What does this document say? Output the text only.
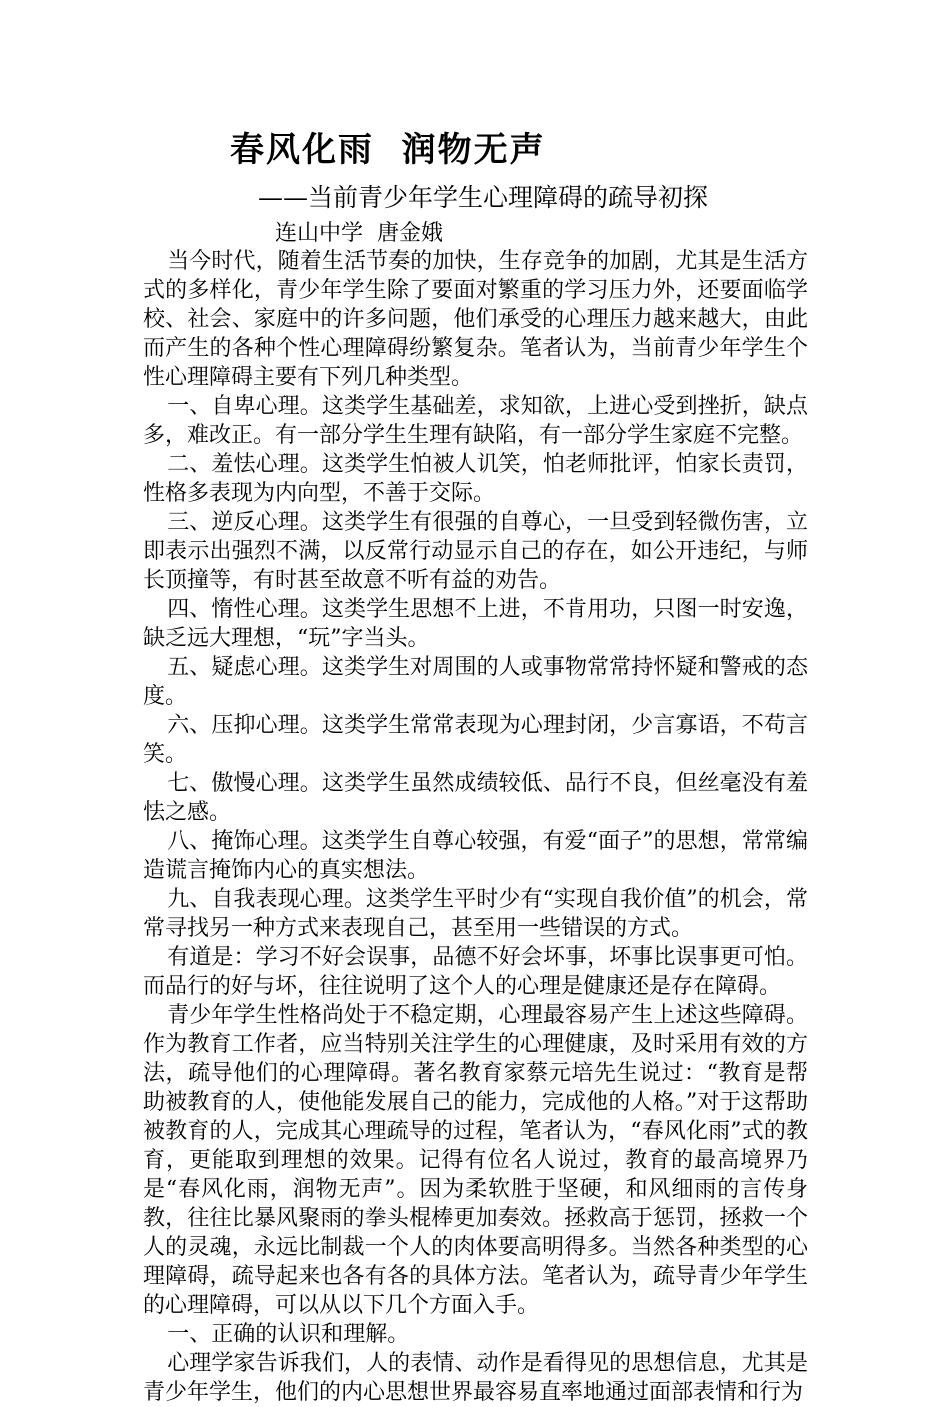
春风化雨  润物无声
——当前青少年学生心理障碍的疏导初探
连山中学  唐金娥

当今时代，随着生活节奏的加快，生存竞争的加剧，尤其是生活方式的多样化，青少年学生除了要面对繁重的学习压力外，还要面临学校、社会、家庭中的许多问题，他们承受的心理压力越来越大，由此而产生的各种个性心理障碍纷繁复杂。笔者认为，当前青少年学生个性心理障碍主要有下列几种类型。

一、自卑心理。这类学生基础差，求知欲，上进心受到挫折，缺点多，难改正。有一部分学生生理有缺陷，有一部分学生家庭不完整。

二、羞怯心理。这类学生怕被人讥笑，怕老师批评，怕家长责罚，性格多表现为内向型，不善于交际。

三、逆反心理。这类学生有很强的自尊心，一旦受到轻微伤害，立即表示出强烈不满，以反常行动显示自己的存在，如公开违纪，与师长顶撞等，有时甚至故意不听有益的劝告。

四、惰性心理。这类学生思想不上进，不肯用功，只图一时安逸，缺乏远大理想，“玩”字当头。

五、疑虑心理。这类学生对周围的人或事物常常持怀疑和警戒的态度。

六、压抑心理。这类学生常常表现为心理封闭，少言寡语，不苟言笑。

七、傲慢心理。这类学生虽然成绩较低、品行不良，但丝毫没有羞怯之感。

八、掩饰心理。这类学生自尊心较强，有爱“面子”的思想，常常编造谎言掩饰内心的真实想法。

九、自我表现心理。这类学生平时少有“实现自我价值”的机会，常常寻找另一种方式来表现自己，甚至用一些错误的方式。

有道是：学习不好会误事，品德不好会坏事，坏事比误事更可怕。而品行的好与坏，往往说明了这个人的心理是健康还是存在障碍。

青少年学生性格尚处于不稳定期，心理最容易产生上述这些障碍。作为教育工作者，应当特别关注学生的心理健康，及时采用有效的方法，疏导他们的心理障碍。著名教育家蔡元培先生说过：“教育是帮助被教育的人，使他能发展自己的能力，完成他的人格。”对于这帮助被教育的人，完成其心理疏导的过程，笔者认为，“春风化雨”式的教育，更能取到理想的效果。记得有位名人说过，教育的最高境界乃是“春风化雨，润物无声”。因为柔软胜于坚硬，和风细雨的言传身教，往往比暴风聚雨的拳头棍棒更加奏效。拯救高于惩罚，拯救一个人的灵魂，永远比制裁一个人的肉体要高明得多。当然各种类型的心理障碍，疏导起来也各有各的具体方法。笔者认为，疏导青少年学生的心理障碍，可以从以下几个方面入手。

一、正确的认识和理解。

心理学家告诉我们，人的表情、动作是看得见的思想信息，尤其是青少年学生，他们的内心思想世界最容易直率地通过面部表情和行为
